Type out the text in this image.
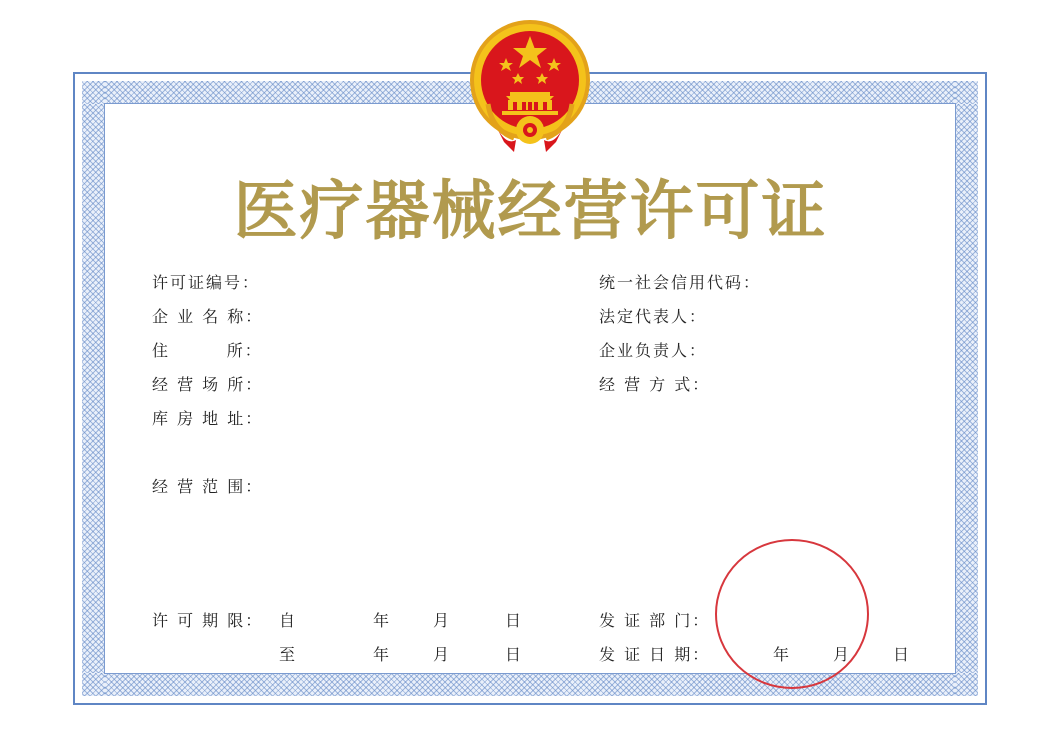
医疗器械经营许可证
许可证编号：
企 业 名 称：
住        所：
经 营 场 所：
库 房 地 址：
经 营 范 围：
统一社会信用代码：
法定代表人：
企业负责人：
经 营 方 式：
许 可 期 限： 自	年	月	日
至	年	月	日
发 证 部 门：
发 证 日 期：	年	月	日
